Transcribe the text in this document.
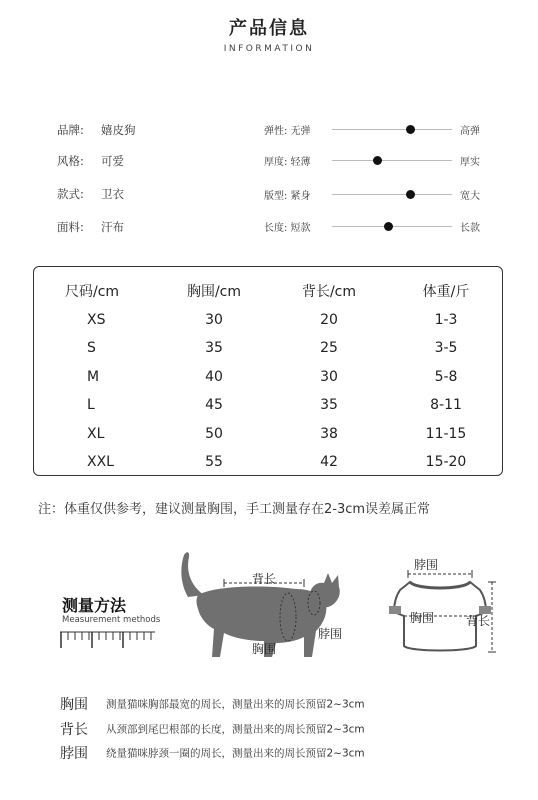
产品信息
INFORMATION
品牌: 嬉皮狗
风格: 可爱
款式: 卫衣
面料: 汗布
弹性: 无弹	高弹
厚度: 轻薄	厚实
版型: 紧身	宽大
长度: 短款	长款
尺码/cm	胸围/cm	背长/cm	体重/斤
XS	30	20	1-3
S	35	25	3-5
M	40	30	5-8
L	45	35	8-11
XL	50	38	11-15
XXL	55	42	15-20
注：体重仅供参考，建议测量胸围，手工测量存在2-3cm误差属正常
测量方法
Measurement methods
背长
胸围
脖围
脖围
胸围	背长
胸围 测量猫咪胸部最宽的周长，测量出来的周长预留2~3cm
背长 从颈部到尾巴根部的长度，测量出来的周长预留2~3cm
脖围 绕量猫咪脖颈一圈的周长，测量出来的周长预留2~3cm
